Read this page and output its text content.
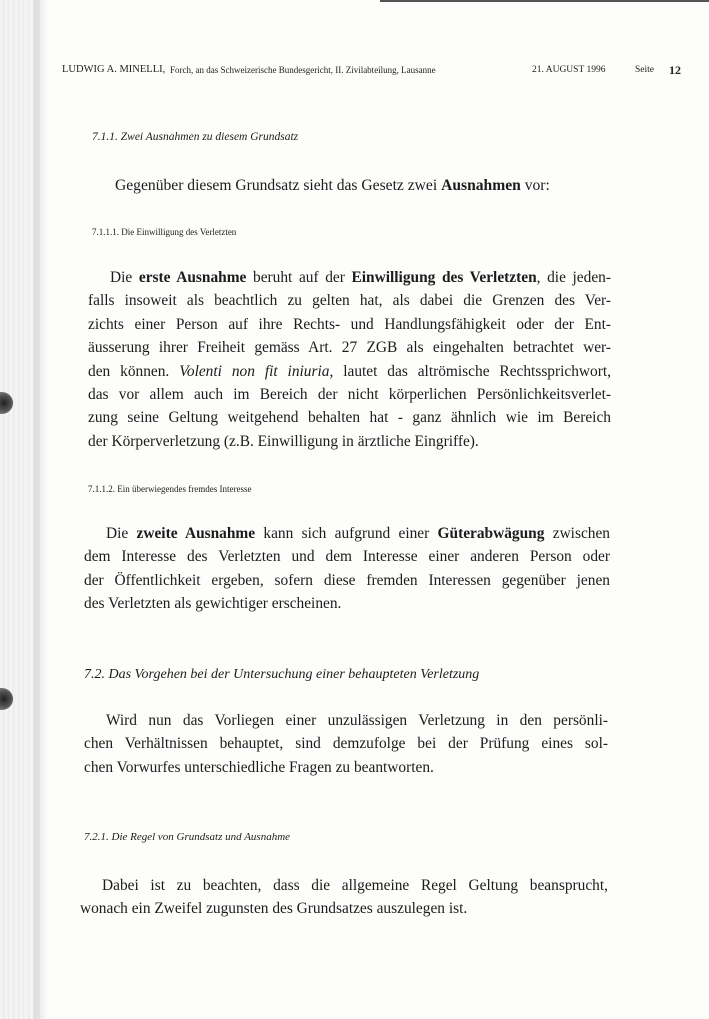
LUDWIG A. MINELLI, Forch, an das Schweizerische Bundesgericht, II. Zivilabteilung, Lausanne	21. AUGUST 1996	Seite 12
7.1.1. Zwei Ausnahmen zu diesem Grundsatz
Gegenüber diesem Grundsatz sieht das Gesetz zwei Ausnahmen vor:
7.1.1.1. Die Einwilligung des Verletzten
Die erste Ausnahme beruht auf der Einwilligung des Verletzten, die jeden-
falls insoweit als beachtlich zu gelten hat, als dabei die Grenzen des Ver-
zichts einer Person auf ihre Rechts- und Handlungsfähigkeit oder der Ent-
äusserung ihrer Freiheit gemäss Art. 27 ZGB als eingehalten betrachtet wer-
den können. Volenti non fit iniuria, lautet das altrömische Rechtssprichwort,
das vor allem auch im Bereich der nicht körperlichen Persönlichkeitsverlet-
zung seine Geltung weitgehend behalten hat - ganz ähnlich wie im Bereich
der Körperverletzung (z.B. Einwilligung in ärztliche Eingriffe).
7.1.1.2. Ein überwiegendes fremdes Interesse
Die zweite Ausnahme kann sich aufgrund einer Güterabwägung zwischen
dem Interesse des Verletzten und dem Interesse einer anderen Person oder
der Öffentlichkeit ergeben, sofern diese fremden Interessen gegenüber jenen
des Verletzten als gewichtiger erscheinen.
7.2. Das Vorgehen bei der Untersuchung einer behaupteten Verletzung
Wird nun das Vorliegen einer unzulässigen Verletzung in den persönli-
chen Verhältnissen behauptet, sind demzufolge bei der Prüfung eines sol-
chen Vorwurfes unterschiedliche Fragen zu beantworten.
7.2.1. Die Regel von Grundsatz und Ausnahme
Dabei ist zu beachten, dass die allgemeine Regel Geltung beansprucht,
wonach ein Zweifel zugunsten des Grundsatzes auszulegen ist.
